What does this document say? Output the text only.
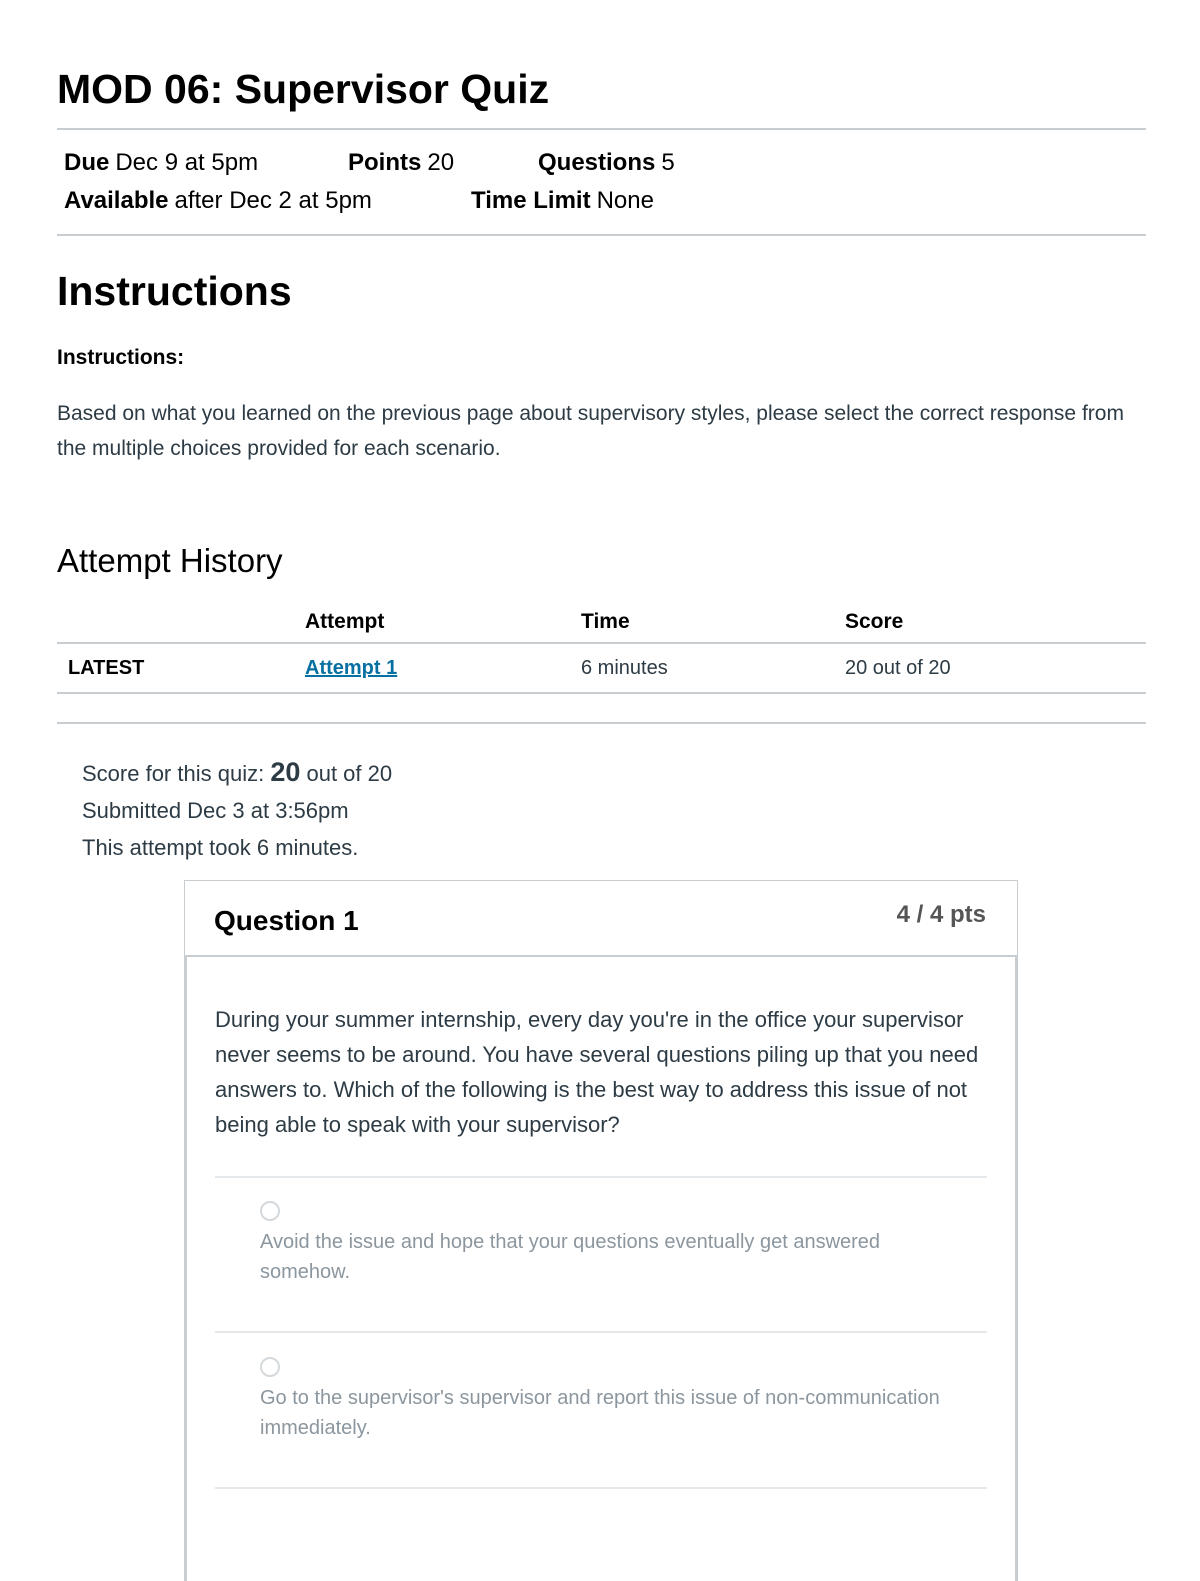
MOD 06: Supervisor Quiz
Due Dec 9 at 5pm	Points 20	Questions 5
Available after Dec 2 at 5pm	Time Limit None
Instructions
Instructions:
Based on what you learned on the previous page about supervisory styles, please select the correct response from the multiple choices provided for each scenario.
Attempt History
	Attempt	Time	Score
LATEST	Attempt 1	6 minutes	20 out of 20
Score for this quiz: 20 out of 20
Submitted Dec 3 at 3:56pm
This attempt took 6 minutes.
Question 1	4 / 4 pts
During your summer internship, every day you're in the office your supervisor never seems to be around. You have several questions piling up that you need answers to. Which of the following is the best way to address this issue of not being able to speak with your supervisor?
Avoid the issue and hope that your questions eventually get answered somehow.
Go to the supervisor's supervisor and report this issue of non-communication immediately.
